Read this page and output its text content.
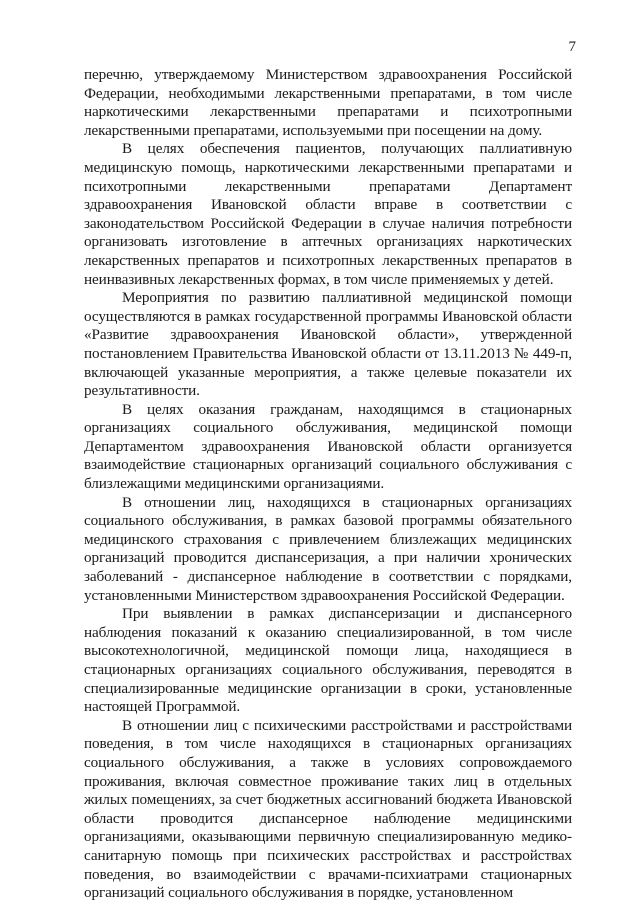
7

перечню, утверждаемому Министерством здравоохранения Российской Федерации, необходимыми лекарственными препаратами, в том числе наркотическими лекарственными препаратами и психотропными лекарственными препаратами, используемыми при посещении на дому.

В целях обеспечения пациентов, получающих паллиативную медицинскую помощь, наркотическими лекарственными препаратами и психотропными лекарственными препаратами Департамент здравоохранения Ивановской области вправе в соответствии с законодательством Российской Федерации в случае наличия потребности организовать изготовление в аптечных организациях наркотических лекарственных препаратов и психотропных лекарственных препаратов в неинвазивных лекарственных формах, в том числе применяемых у детей.

Мероприятия по развитию паллиативной медицинской помощи осуществляются в рамках государственной программы Ивановской области «Развитие здравоохранения Ивановской области», утвержденной постановлением Правительства Ивановской области от 13.11.2013 № 449-п, включающей указанные мероприятия, а также целевые показатели их результативности.

В целях оказания гражданам, находящимся в стационарных организациях социального обслуживания, медицинской помощи Департаментом здравоохранения Ивановской области организуется взаимодействие стационарных организаций социального обслуживания с близлежащими медицинскими организациями.

В отношении лиц, находящихся в стационарных организациях социального обслуживания, в рамках базовой программы обязательного медицинского страхования с привлечением близлежащих медицинских организаций проводится диспансеризация, а при наличии хронических заболеваний - диспансерное наблюдение в соответствии с порядками, установленными Министерством здравоохранения Российской Федерации.

При выявлении в рамках диспансеризации и диспансерного наблюдения показаний к оказанию специализированной, в том числе высокотехнологичной, медицинской помощи лица, находящиеся в стационарных организациях социального обслуживания, переводятся в специализированные медицинские организации в сроки, установленные настоящей Программой.

В отношении лиц с психическими расстройствами и расстройствами поведения, в том числе находящихся в стационарных организациях социального обслуживания, а также в условиях сопровождаемого проживания, включая совместное проживание таких лиц в отдельных жилых помещениях, за счет бюджетных ассигнований бюджета Ивановской области проводится диспансерное наблюдение медицинскими организациями, оказывающими первичную специализированную медико-санитарную помощь при психических расстройствах и расстройствах поведения, во взаимодействии с врачами-психиатрами стационарных организаций социального обслуживания в порядке, установленном
